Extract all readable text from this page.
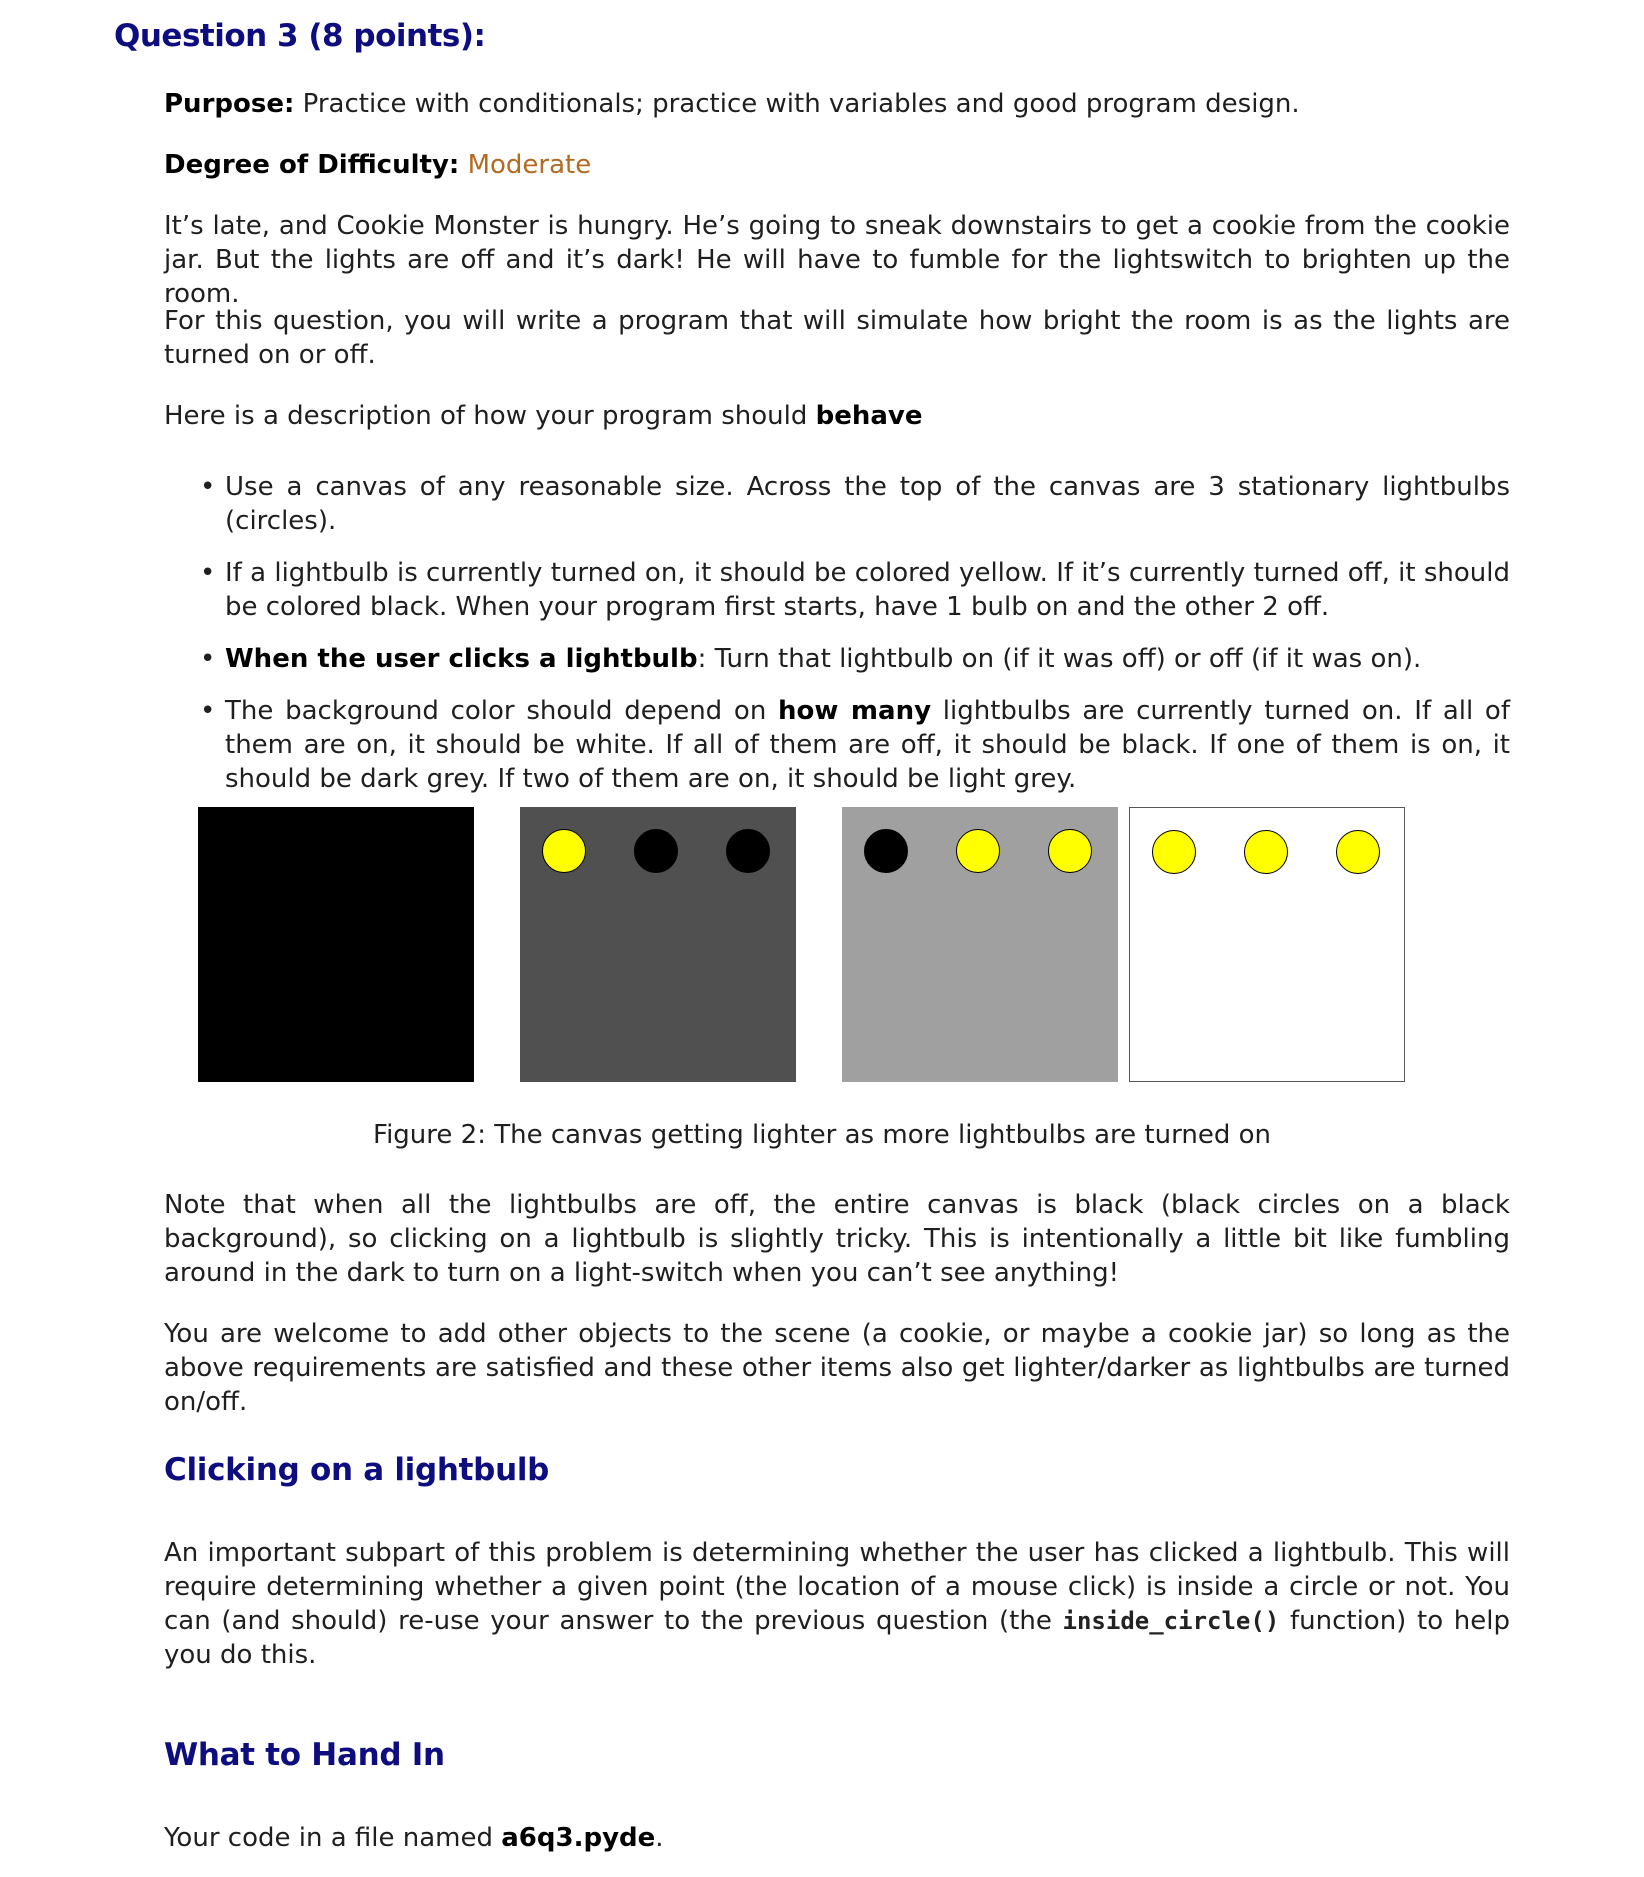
Question 3 (8 points):

Purpose: Practice with conditionals; practice with variables and good program design.

Degree of Difficulty: Moderate

It’s late, and Cookie Monster is hungry. He’s going to sneak downstairs to get a cookie from the cookie jar. But the lights are off and it’s dark! He will have to fumble for the lightswitch to brighten up the room.

For this question, you will write a program that will simulate how bright the room is as the lights are turned on or off.

Here is a description of how your program should behave

• Use a canvas of any reasonable size. Across the top of the canvas are 3 stationary lightbulbs (circles).
• If a lightbulb is currently turned on, it should be colored yellow. If it’s currently turned off, it should be colored black. When your program first starts, have 1 bulb on and the other 2 off.
• When the user clicks a lightbulb: Turn that lightbulb on (if it was off) or off (if it was on).
• The background color should depend on how many lightbulbs are currently turned on. If all of them are on, it should be white. If all of them are off, it should be black. If one of them is on, it should be dark grey. If two of them are on, it should be light grey.

Figure 2: The canvas getting lighter as more lightbulbs are turned on

Note that when all the lightbulbs are off, the entire canvas is black (black circles on a black background), so clicking on a lightbulb is slightly tricky. This is intentionally a little bit like fumbling around in the dark to turn on a light-switch when you can’t see anything!

You are welcome to add other objects to the scene (a cookie, or maybe a cookie jar) so long as the above requirements are satisfied and these other items also get lighter/darker as lightbulbs are turned on/off.

Clicking on a lightbulb

An important subpart of this problem is determining whether the user has clicked a lightbulb. This will require determining whether a given point (the location of a mouse click) is inside a circle or not. You can (and should) re-use your answer to the previous question (the inside_circle() function) to help you do this.

What to Hand In

Your code in a file named a6q3.pyde.
